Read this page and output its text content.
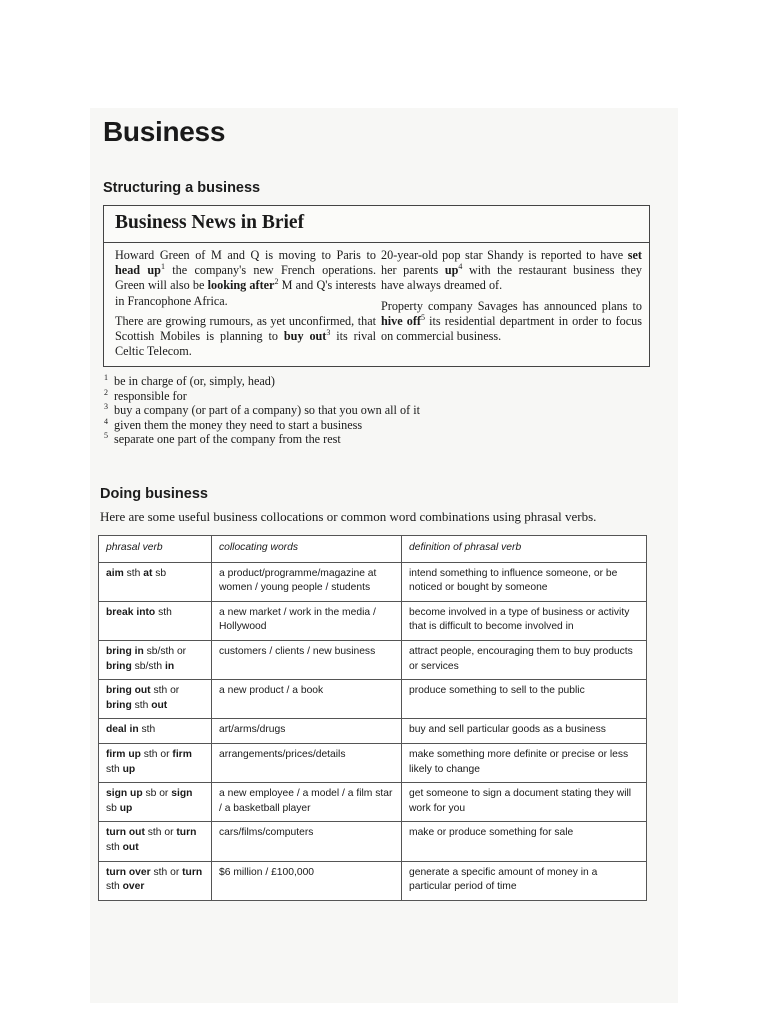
Business
Structuring a business
Business News in Brief

Howard Green of M and Q is moving to Paris to head $up^1$ the company's new French operations. Green will also be looking after$^2$ M and Q's interests in Francophone Africa.

There are growing rumours, as yet unconfirmed, that Scottish Mobiles is planning to buy out$^3$ its rival Celtic Telecom.

20-year-old pop star Shandy is reported to have set her parents $up^4$ with the restaurant business they have always dreamed of.

Property company Savages has announced plans to hive off$^5$ its residential department in order to focus on commercial business.

1 be in charge of (or, simply, head)
2 responsible for
3 buy a company (or part of a company) so that you own all of it
4 given them the money they need to start a business
5 separate one part of the company from the rest
Doing business
Here are some useful business collocations or common word combinations using phrasal verbs.
phrasal verb	collocating words	definition of phrasal verb
aim sth at sb	a product/programme/magazine at women / young people / students	intend something to influence someone, or be noticed or bought by someone
break into sth	a new market / work in the media / Hollywood	become involved in a type of business or activity that is difficult to become involved in
bring in sb/sth or bring sb/sth in	customers / clients / new business	attract people, encouraging them to buy products or services
bring out sth or bring sth out	a new product / a book	produce something to sell to the public
deal in sth	art/arms/drugs	buy and sell particular goods as a business
firm up sth or firm sth up	arrangements/prices/details	make something more definite or precise or less likely to change
sign up sb or sign sb up	a new employee / a model / a film star / a basketball player	get someone to sign a document stating they will work for you
turn out sth or turn sth out	cars/films/computers	make or produce something for sale
turn over sth or turn sth over	$6 million / £100,000	generate a specific amount of money in a particular period of time
